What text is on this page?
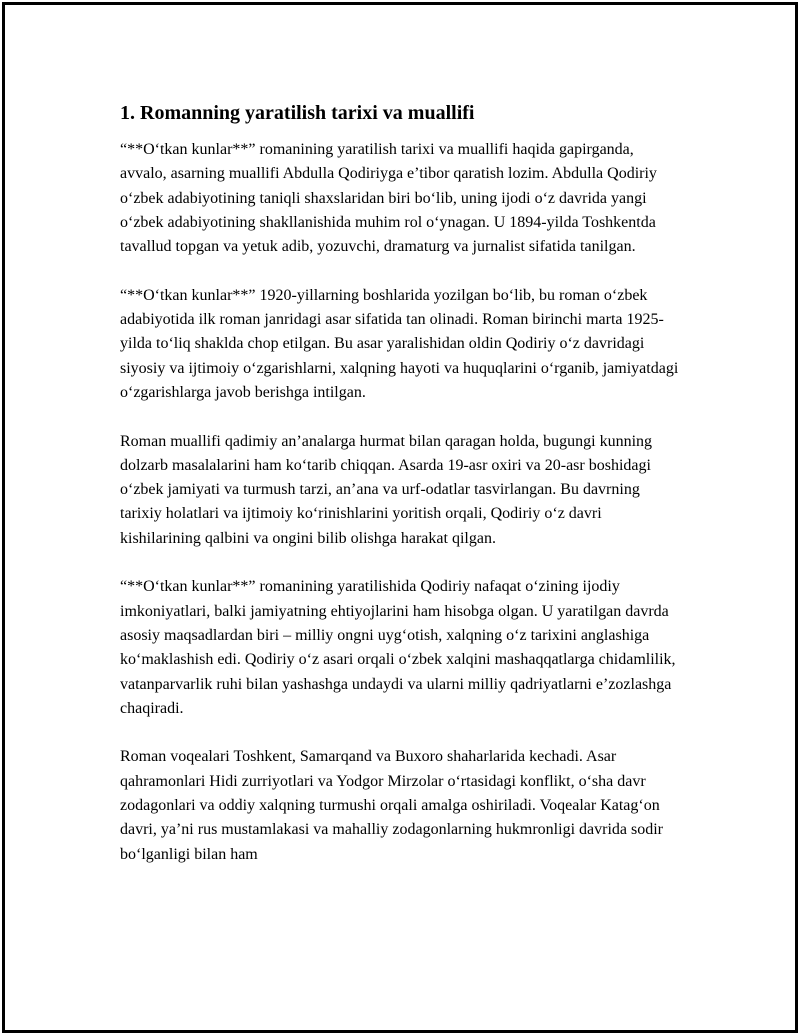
1. Romanning yaratilish tarixi va muallifi

“**O‘tkan kunlar**” romanining yaratilish tarixi va muallifi haqida gapirganda, avvalo, asarning muallifi Abdulla Qodiriyga e’tibor qaratish lozim. Abdulla Qodiriy o‘zbek adabiyotining taniqli shaxslaridan biri bo‘lib, uning ijodi o‘z davrida yangi o‘zbek adabiyotining shakllanishida muhim rol o‘ynagan. U 1894-yilda Toshkentda tavallud topgan va yetuk adib, yozuvchi, dramaturg va jurnalist sifatida tanilgan.

“**O‘tkan kunlar**” 1920-yillarning boshlarida yozilgan bo‘lib, bu roman o‘zbek adabiyotida ilk roman janridagi asar sifatida tan olinadi. Roman birinchi marta 1925-yilda to‘liq shaklda chop etilgan. Bu asar yaralishidan oldin Qodiriy o‘z davridagi siyosiy va ijtimoiy o‘zgarishlarni, xalqning hayoti va huquqlarini o‘rganib, jamiyatdagi o‘zgarishlarga javob berishga intilgan.

Roman muallifi qadimiy an’analarga hurmat bilan qaragan holda, bugungi kunning dolzarb masalalarini ham ko‘tarib chiqqan. Asarda 19-asr oxiri va 20-asr boshidagi o‘zbek jamiyati va turmush tarzi, an’ana va urf-odatlar tasvirlangan. Bu davrning tarixiy holatlari va ijtimoiy ko‘rinishlarini yoritish orqali, Qodiriy o‘z davri kishilarining qalbini va ongini bilib olishga harakat qilgan.

“**O‘tkan kunlar**” romanining yaratilishida Qodiriy nafaqat o‘zining ijodiy imkoniyatlari, balki jamiyatning ehtiyojlarini ham hisobga olgan. U yaratilgan davrda asosiy maqsadlardan biri – milliy ongni uyg‘otish, xalqning o‘z tarixini anglashiga ko‘maklashish edi. Qodiriy o‘z asari orqali o‘zbek xalqini mashaqqatlarga chidamlilik, vatanparvarlik ruhi bilan yashashga undaydi va ularni milliy qadriyatlarni e’zozlashga chaqiradi.

Roman voqealari Toshkent, Samarqand va Buxoro shaharlarida kechadi. Asar qahramonlari Hidi zurriyotlari va Yodgor Mirzolar o‘rtasidagi konflikt, o‘sha davr zodagonlari va oddiy xalqning turmushi orqali amalga oshiriladi. Voqealar Katag‘on davri, ya’ni rus mustamlakasi va mahalliy zodagonlarning hukmronligi davrida sodir bo‘lganligi bilan ham
